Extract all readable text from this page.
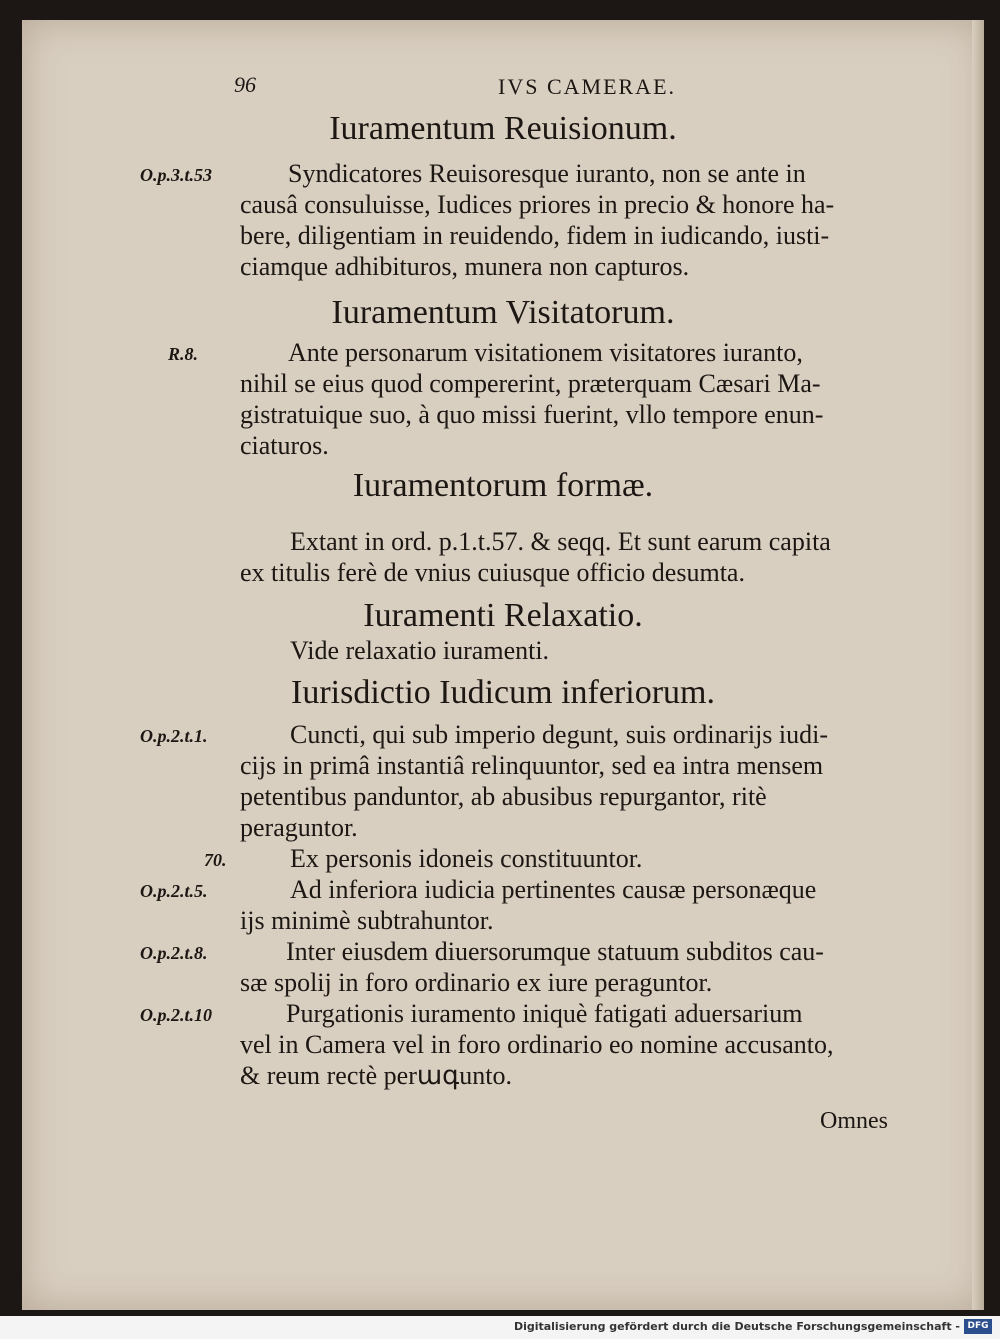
96	IVS CAMERAE.
Iuramentum Reuisionum.
O.p.3.t.53	Syndicatores Reuisoresque iuranto, non se ante in
causâ consuluisse, Iudices priores in precio & honore ha-
bere, diligentiam in reuidendo, fidem in iudicando, iusti-
ciamque adhibituros, munera non capturos.
Iuramentum Visitatorum.
R.8.	Ante personarum visitationem visitatores iuranto,
nihil se eius quod compererint, præterquam Cæsari Ma-
gistratuique suo, à quo missi fuerint, vllo tempore enun-
ciaturos.
Iuramentorum formæ.
Extant in ord. p.1.t.57. & seqq. Et sunt earum capita
ex titulis ferè de vnius cuiusque officio desumta.
Iuramenti Relaxatio.
Vide relaxatio iuramenti.
Iurisdictio Iudicum inferiorum.
O.p.2.t.1.	Cuncti, qui sub imperio degunt, suis ordinarijs iudi-
cijs in primâ instantiâ relinquuntor, sed ea intra mensem
petentibus panduntor, ab abusibus repurgantor, ritè
peraguntor.
70.	Ex personis idoneis constituuntor.
O.p.2.t.5.	Ad inferiora iudicia pertinentes causæ personæque
ijs minimè subtrahuntor.
O.p.2.t.8.	Inter eiusdem diuersorumque statuum subditos cau-
sæ spolij in foro ordinario ex iure peraguntor.
O.p.2.t.10	Purgationis iuramento iniquè fatigati aduersarium
vel in Camera vel in foro ordinario eo nomine accusanto,
& reum rectè perագunto.
Omnes
Digitalisierung gefördert durch die Deutsche Forschungsgemeinschaft - DFG
